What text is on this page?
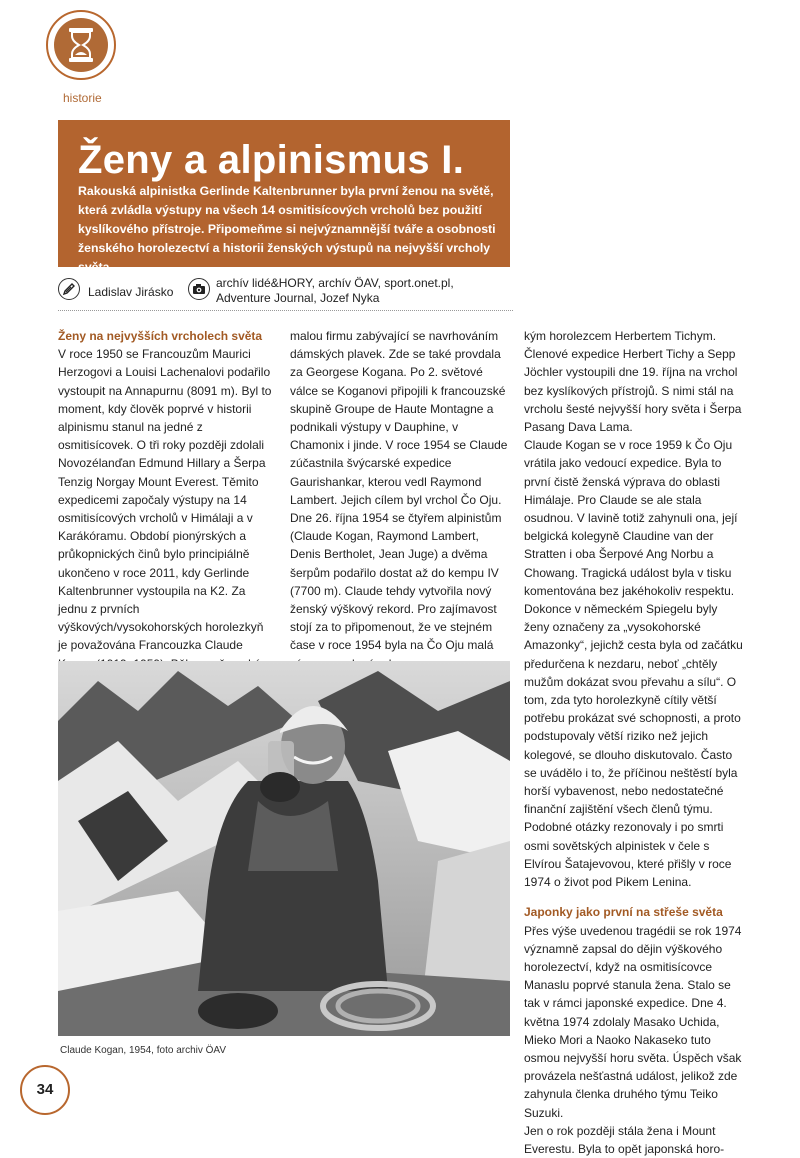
historie
Ženy a alpinismus I.

Rakouská alpinistka Gerlinde Kaltenbrunner byla první ženou na světě, která zvládla výstupy na všech 14 osmitisícových vrcholů bez použití kyslíkového přístroje. Připomeňme si nejvýznamnější tváře a osobnosti ženského horolezectví a historii ženských výstupů na nejvyšší vrcholy světa.

Ladislav Jirásko
archív lidé&HORY, archív ÖAV, sport.onet.pl,
Adventure Journal, Jozef Nyka

Ženy na nejvyšších vrcholech světa

V roce 1950 se Francouzům Maurici Herzogovi a Louisi Lachenalovi podařilo vystoupit na Annapurnu (8091 m). Byl to moment, kdy člověk poprvé v historii alpinismu stanul na jedné z osmitisícovek. O tři roky později zdolali Novozélanďan Edmund Hillary a Šerpa Tenzig Norgay Mount Everest. Těmito expedicemi započaly výstupy na 14 osmitisícových vrcholů v Himálaji a v Karákóramu. Období pionýrských a průkopnických činů bylo principiálně ukončeno v roce 2011, kdy Gerlinde Kaltenbrunner vystoupila na K2. Za jednu z prvních výškových/vysokohorských horolezkyň je považována Francouzka Claude

malou firmu zabývající se navrhováním dámských plavek. Zde se také provdala za Georgese Kogana. Po 2. světové válce se Koganovi připojili k francouzské skupině Groupe de Haute Montagne a podnikali výstupy v Dauphine, v Chamonix i jinde. V roce 1954 se Claude zúčastnila švýcarské expedice Gaurishankar, kterou vedl Raymond Lambert. Jejich cílem byl vrchol Čo Oju. Dne 26. října 1954 se čtyřem alpinistům (Claude Kogan, Raymond Lambert, Denis Bertholet, Jean Juge) a dvěma šerpům podařilo dostat až do kempu IV (7700 m). Claude tehdy vytvořila nový ženský výškový rekord. Pro zajímavost stojí za to připomenout, že ve stejném čase v roce 1954 byla na Čo Oju malá

kým horolezcem Herbertem Tichym. Členové expedice Herbert Tichy a Sepp Jöchler vystoupili dne 19. října na vrchol bez kyslíkových přístrojů. S nimi stál na vrcholu šesté nejvyšší hory světa i Šerpa Pasang Dava Lama.

Claude Kogan se v roce 1959 k Čo Oju vrátila jako vedoucí expedice. Byla to první čistě ženská výprava do oblasti Himálaje. Pro Claude se ale stala osudnou. V lavině totiž zahynuli ona, její belgická kolegyně Claudine van der Stratten i oba Šerpové Ang Norbu a Chowang. Tragická událost byla v tisku komentována bez jakéhokoliv respektu. Dokonce v německém Spiegelu byly ženy označeny za „vysokohorské Amazonky“, jejichž cesta byla od začátku předurčena k nezdaru, neboť „chtěly mužům dokázat svou převahu a sílu“. O tom, zda tyto horolezkyně cítily větší potřebu prokázat své schopnosti, a proto podstupovaly větší riziko než jejich kolegové, se dlouho diskutovalo. Často se uvádělo i to, že příčinou neštěstí byla horší vybavenost, nebo nedostatečné finanční zajištění všech členů týmu. Podobné otázky rezonovaly i po smrti osmi sovětských alpinistek v čele s Elvírou Šatajevovou, které přišly v roce 1974 o život pod Pikem Lenina.

Japonky jako první na střeše světa

Přes výše uvedenou tragédii se rok 1974 významně zapsal do dějin výškového horolezectví, když na osmitisícovce Manaslu poprvé stanula žena. Stalo se tak v rámci japonské expedice. Dne 4. května 1974 zdolaly Masako Uchida, Mieko Mori a Naoko Nakaseko tuto osmou nejvyšší horu světa. Úspěch však provázela nešťastná událost, jelikož zde zahynula členka druhého týmu Teiko Suzuki.

Jen o rok později stála žena i Mount Everestu. Byla to opět japonská horo-

Claude Kogan, 1954, foto archiv ÖAV
34
